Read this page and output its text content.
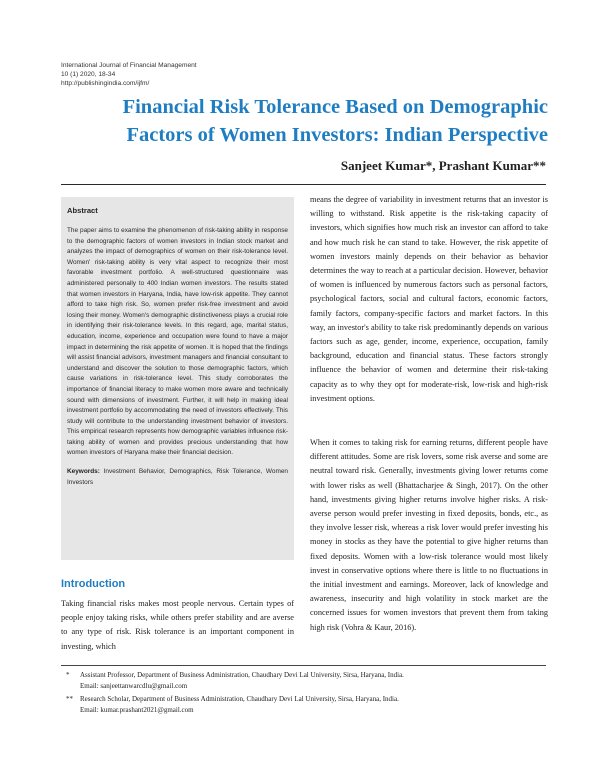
International Journal of Financial Management
10 (1) 2020, 18-34
http://publishingindia.com/ijfm/
Financial Risk Tolerance Based on Demographic
Factors of Women Investors: Indian Perspective
Sanjeet Kumar*, Prashant Kumar**
Abstract

The paper aims to examine the phenomenon of risk-taking ability in response to the demographic factors of women investors in Indian stock market and analyzes the impact of demographics of women on their risk-tolerance level. Women' risk-taking ability is very vital aspect to recognize their most favorable investment portfolio. A well-structured questionnaire was administered personally to 400 Indian women investors. The results stated that women investors in Haryana, India, have low-risk appetite. They cannot afford to take high risk. So, women prefer risk-free investment and avoid losing their money. Women's demographic distinctiveness plays a crucial role in identifying their risk-tolerance levels. In this regard, age, marital status, education, income, experience and occupation were found to have a major impact in determining the risk appetite of women. It is hoped that the findings will assist financial advisors, investment managers and financial consultant to understand and discover the solution to those demographic factors, which cause variations in risk-tolerance level. This study corroborates the importance of financial literacy to make women more aware and technically sound with dimensions of investment. Further, it will help in making ideal investment portfolio by accommodating the need of investors effectively. This study will contribute to the understanding investment behavior of investors. This empirical research represents how demographic variables influence risk-taking ability of women and provides precious understanding that how women investors of Haryana make their financial decision.

Keywords: Investment Behavior, Demographics, Risk Tolerance, Women Investors

Introduction

Taking financial risks makes most people nervous. Certain types of people enjoy taking risks, while others prefer stability and are averse to any type of risk. Risk tolerance is an important component in investing, which

means the degree of variability in investment returns that an investor is willing to withstand. Risk appetite is the risk-taking capacity of investors, which signifies how much risk an investor can afford to take and how much risk he can stand to take. However, the risk appetite of women investors mainly depends on their behavior as behavior determines the way to reach at a particular decision. However, behavior of women is influenced by numerous factors such as personal factors, psychological factors, social and cultural factors, economic factors, family factors, company-specific factors and market factors. In this way, an investor's ability to take risk predominantly depends on various factors such as age, gender, income, experience, occupation, family background, education and financial status. These factors strongly influence the behavior of women and determine their risk-taking capacity as to why they opt for moderate-risk, low-risk and high-risk investment options.

When it comes to taking risk for earning returns, different people have different attitudes. Some are risk lovers, some risk averse and some are neutral toward risk. Generally, investments giving lower returns come with lower risks as well (Bhattacharjee & Singh, 2017). On the other hand, investments giving higher returns involve higher risks. A risk-averse person would prefer investing in fixed deposits, bonds, etc., as they involve lesser risk, whereas a risk lover would prefer investing his money in stocks as they have the potential to give higher returns than fixed deposits. Women with a low-risk tolerance would most likely invest in conservative options where there is little to no fluctuations in the initial investment and earnings. Moreover, lack of knowledge and awareness, insecurity and high volatility in stock market are the concerned issues for women investors that prevent them from taking high risk (Vohra & Kaur, 2016).

* Assistant Professor, Department of Business Administration, Chaudhary Devi Lal University, Sirsa, Haryana, India.
Email: sanjeettanwarcdlu@gmail.com
** Research Scholar, Department of Business Administration, Chaudhary Devi Lal University, Sirsa, Haryana, India.
Email: kumar.prashant2021@gmail.com
